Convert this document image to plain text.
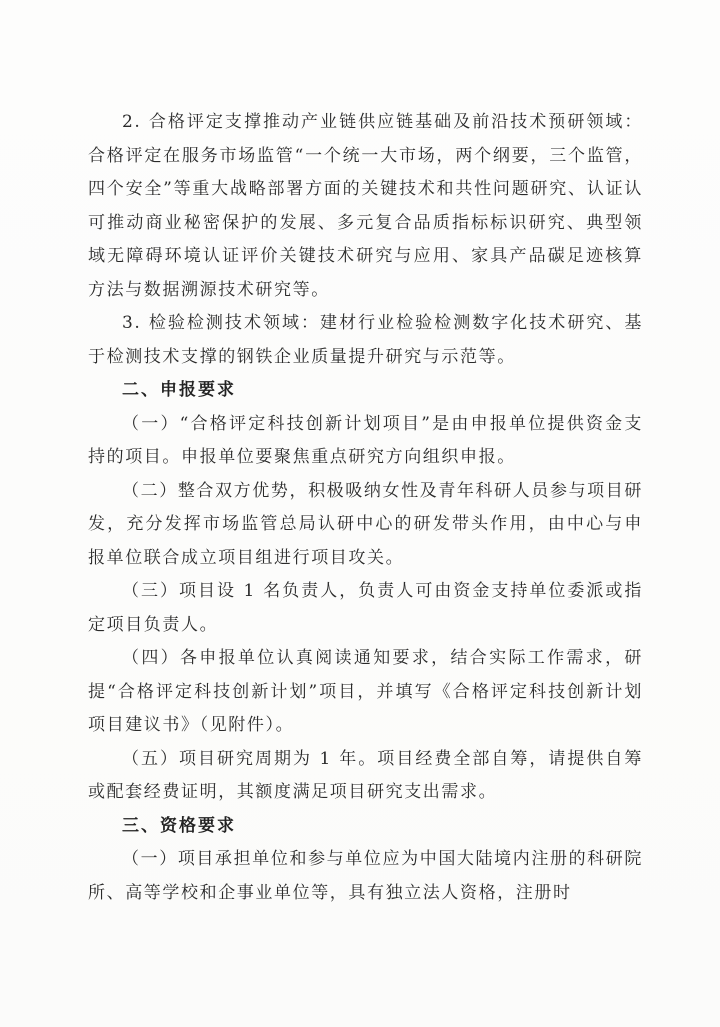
2. 合格评定支撑推动产业链供应链基础及前沿技术预研领域：合格评定在服务市场监管“一个统一大市场，两个纲要，三个监管，四个安全”等重大战略部署方面的关键技术和共性问题研究、认证认可推动商业秘密保护的发展、多元复合品质指标标识研究、典型领域无障碍环境认证评价关键技术研究与应用、家具产品碳足迹核算方法与数据溯源技术研究等。

3. 检验检测技术领域：建材行业检验检测数字化技术研究、基于检测技术支撑的钢铁企业质量提升研究与示范等。

二、申报要求

（一）“合格评定科技创新计划项目”是由申报单位提供资金支持的项目。申报单位要聚焦重点研究方向组织申报。

（二）整合双方优势，积极吸纳女性及青年科研人员参与项目研发，充分发挥市场监管总局认研中心的研发带头作用，由中心与申报单位联合成立项目组进行项目攻关。

（三）项目设 1 名负责人，负责人可由资金支持单位委派或指定项目负责人。

（四）各申报单位认真阅读通知要求，结合实际工作需求，研提“合格评定科技创新计划”项目，并填写《合格评定科技创新计划项目建议书》（见附件）。

（五）项目研究周期为 1 年。项目经费全部自筹，请提供自筹或配套经费证明，其额度满足项目研究支出需求。

三、资格要求

（一）项目承担单位和参与单位应为中国大陆境内注册的科研院所、高等学校和企事业单位等，具有独立法人资格，注册时
